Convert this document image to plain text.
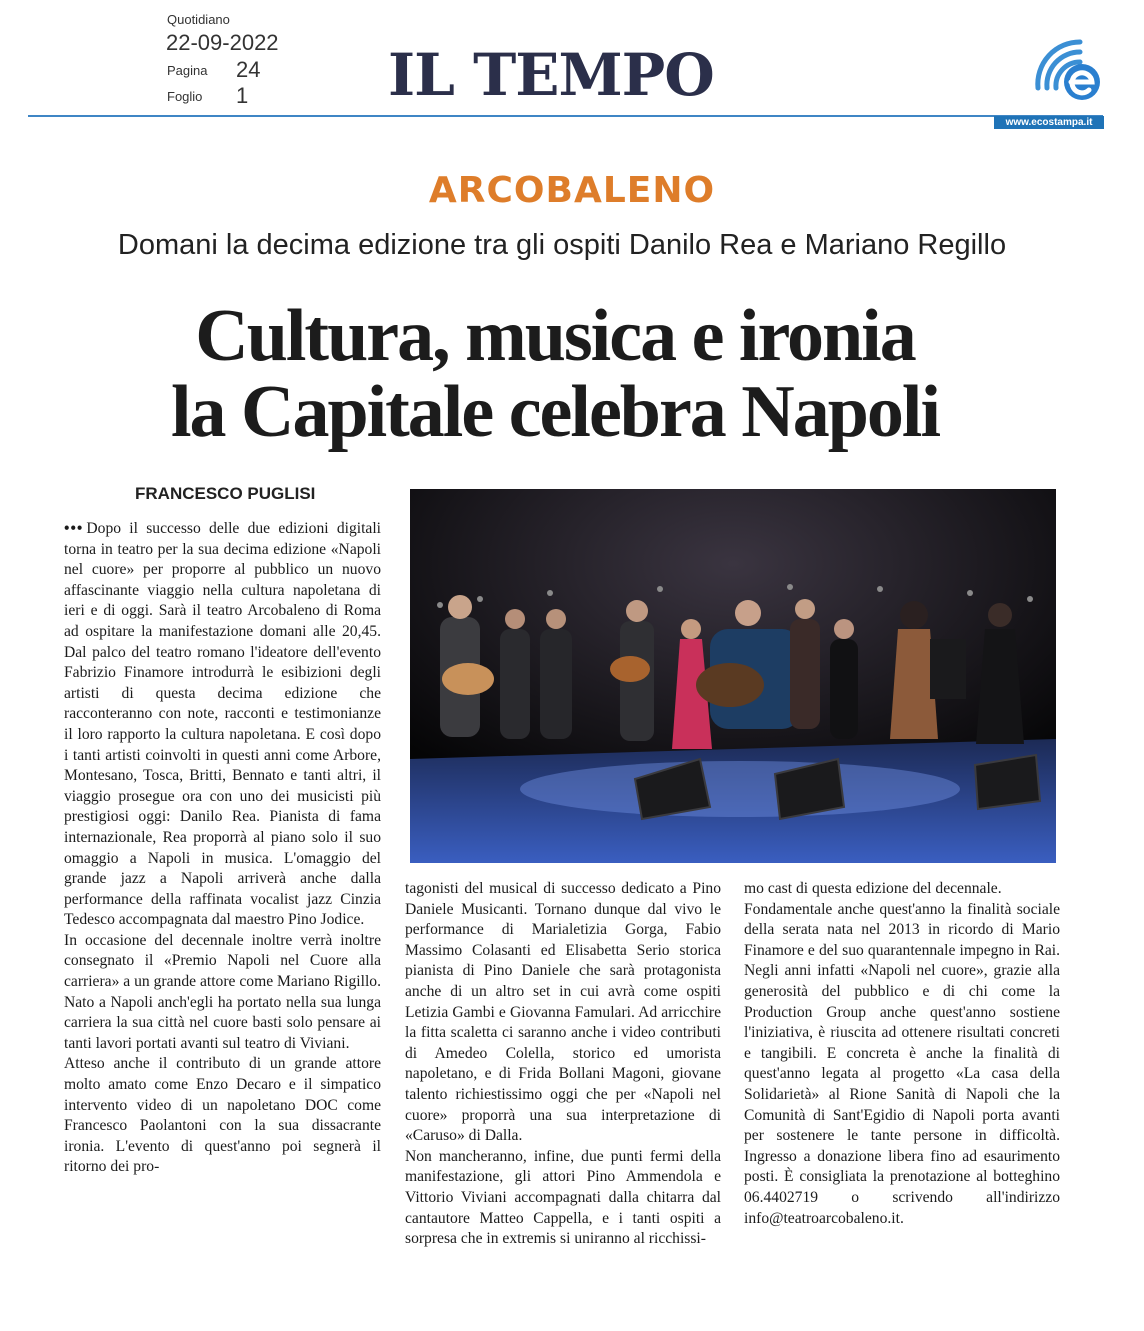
Quotidiano
22-09-2022
Pagina 24
Foglio 1 IL TEMPO
www.ecostampa.it
ARCOBALENO
Domani la decima edizione tra gli ospiti Danilo Rea e Mariano Regillo
Cultura, musica e ironia
la Capitale celebra Napoli
FRANCESCO PUGLISI

••• Dopo il successo delle due edizioni digitali torna in teatro per la sua decima edizione «Napoli nel cuore» per proporre al pubblico un nuovo affascinante viaggio nella cultura napoletana di ieri e di oggi. Sarà il teatro Arcobaleno di Roma ad ospitare la manifestazione domani alle 20,45. Dal palco del teatro romano l'ideatore dell'evento Fabrizio Finamore introdurrà le esibizioni degli artisti di questa decima edizione che racconteranno con note, racconti e testimonianze il loro rapporto la cultura napoletana. E così dopo i tanti artisti coinvolti in questi anni come Arbore, Montesano, Tosca, Britti, Bennato e tanti altri, il viaggio prosegue ora con uno dei musicisti più prestigiosi oggi: Danilo Rea. Pianista di fama internazionale, Rea proporrà al piano solo il suo omaggio a Napoli in musica. L'omaggio del grande jazz a Napoli arriverà anche dalla performance della raffinata vocalist jazz Cinzia Tedesco accompagnata dal maestro Pino Jodice.

In occasione del decennale inoltre verrà inoltre consegnato il «Premio Napoli nel Cuore alla carriera» a un grande attore come Mariano Rigillo. Nato a Napoli anch'egli ha portato nella sua lunga carriera la sua città nel cuore basti solo pensare ai tanti lavori portati avanti sul teatro di Viviani.

Atteso anche il contributo di un grande attore molto amato come Enzo Decaro e il simpatico intervento video di un napoletano DOC come Francesco Paolantoni con la sua dissacrante ironia. L'evento di quest'anno poi segnerà il ritorno dei pro-

tagonisti del musical di successo dedicato a Pino Daniele Musicanti. Tornano dunque dal vivo le performance di Marialetizia Gorga, Fabio Massimo Colasanti ed Elisabetta Serio storica pianista di Pino Daniele che sarà protagonista anche di un altro set in cui avrà come ospiti Letizia Gambi e Giovanna Famulari. Ad arricchire la fitta scaletta ci saranno anche i video contributi di Amedeo Colella, storico ed umorista napoletano, e di Frida Bollani Magoni, giovane talento richiestissimo oggi che per «Napoli nel cuore» proporrà una sua interpretazione di «Caruso» di Dalla.

Non mancheranno, infine, due punti fermi della manifestazione, gli attori Pino Ammendola e Vittorio Viviani accompagnati dalla chitarra dal cantautore Matteo Cappella, e i tanti ospiti a sorpresa che in extremis si uniranno al ricchissi-

mo cast di questa edizione del decennale.

Fondamentale anche quest'anno la finalità sociale della serata nata nel 2013 in ricordo di Mario Finamore e del suo quarantennale impegno in Rai. Negli anni infatti «Napoli nel cuore», grazie alla generosità del pubblico e di chi come la Production Group anche quest'anno sostiene l'iniziativa, è riuscita ad ottenere risultati concreti e tangibili. E concreta è anche la finalità di quest'anno legata al progetto «La casa della Solidarietà» al Rione Sanità di Napoli che la Comunità di Sant'Egidio di Napoli porta avanti per sostenere le tante persone in difficoltà. Ingresso a donazione libera fino ad esaurimento posti. È consigliata la prenotazione al botteghino 06.4402719 o scrivendo all'indirizzo info@teatroarcobaleno.it.
